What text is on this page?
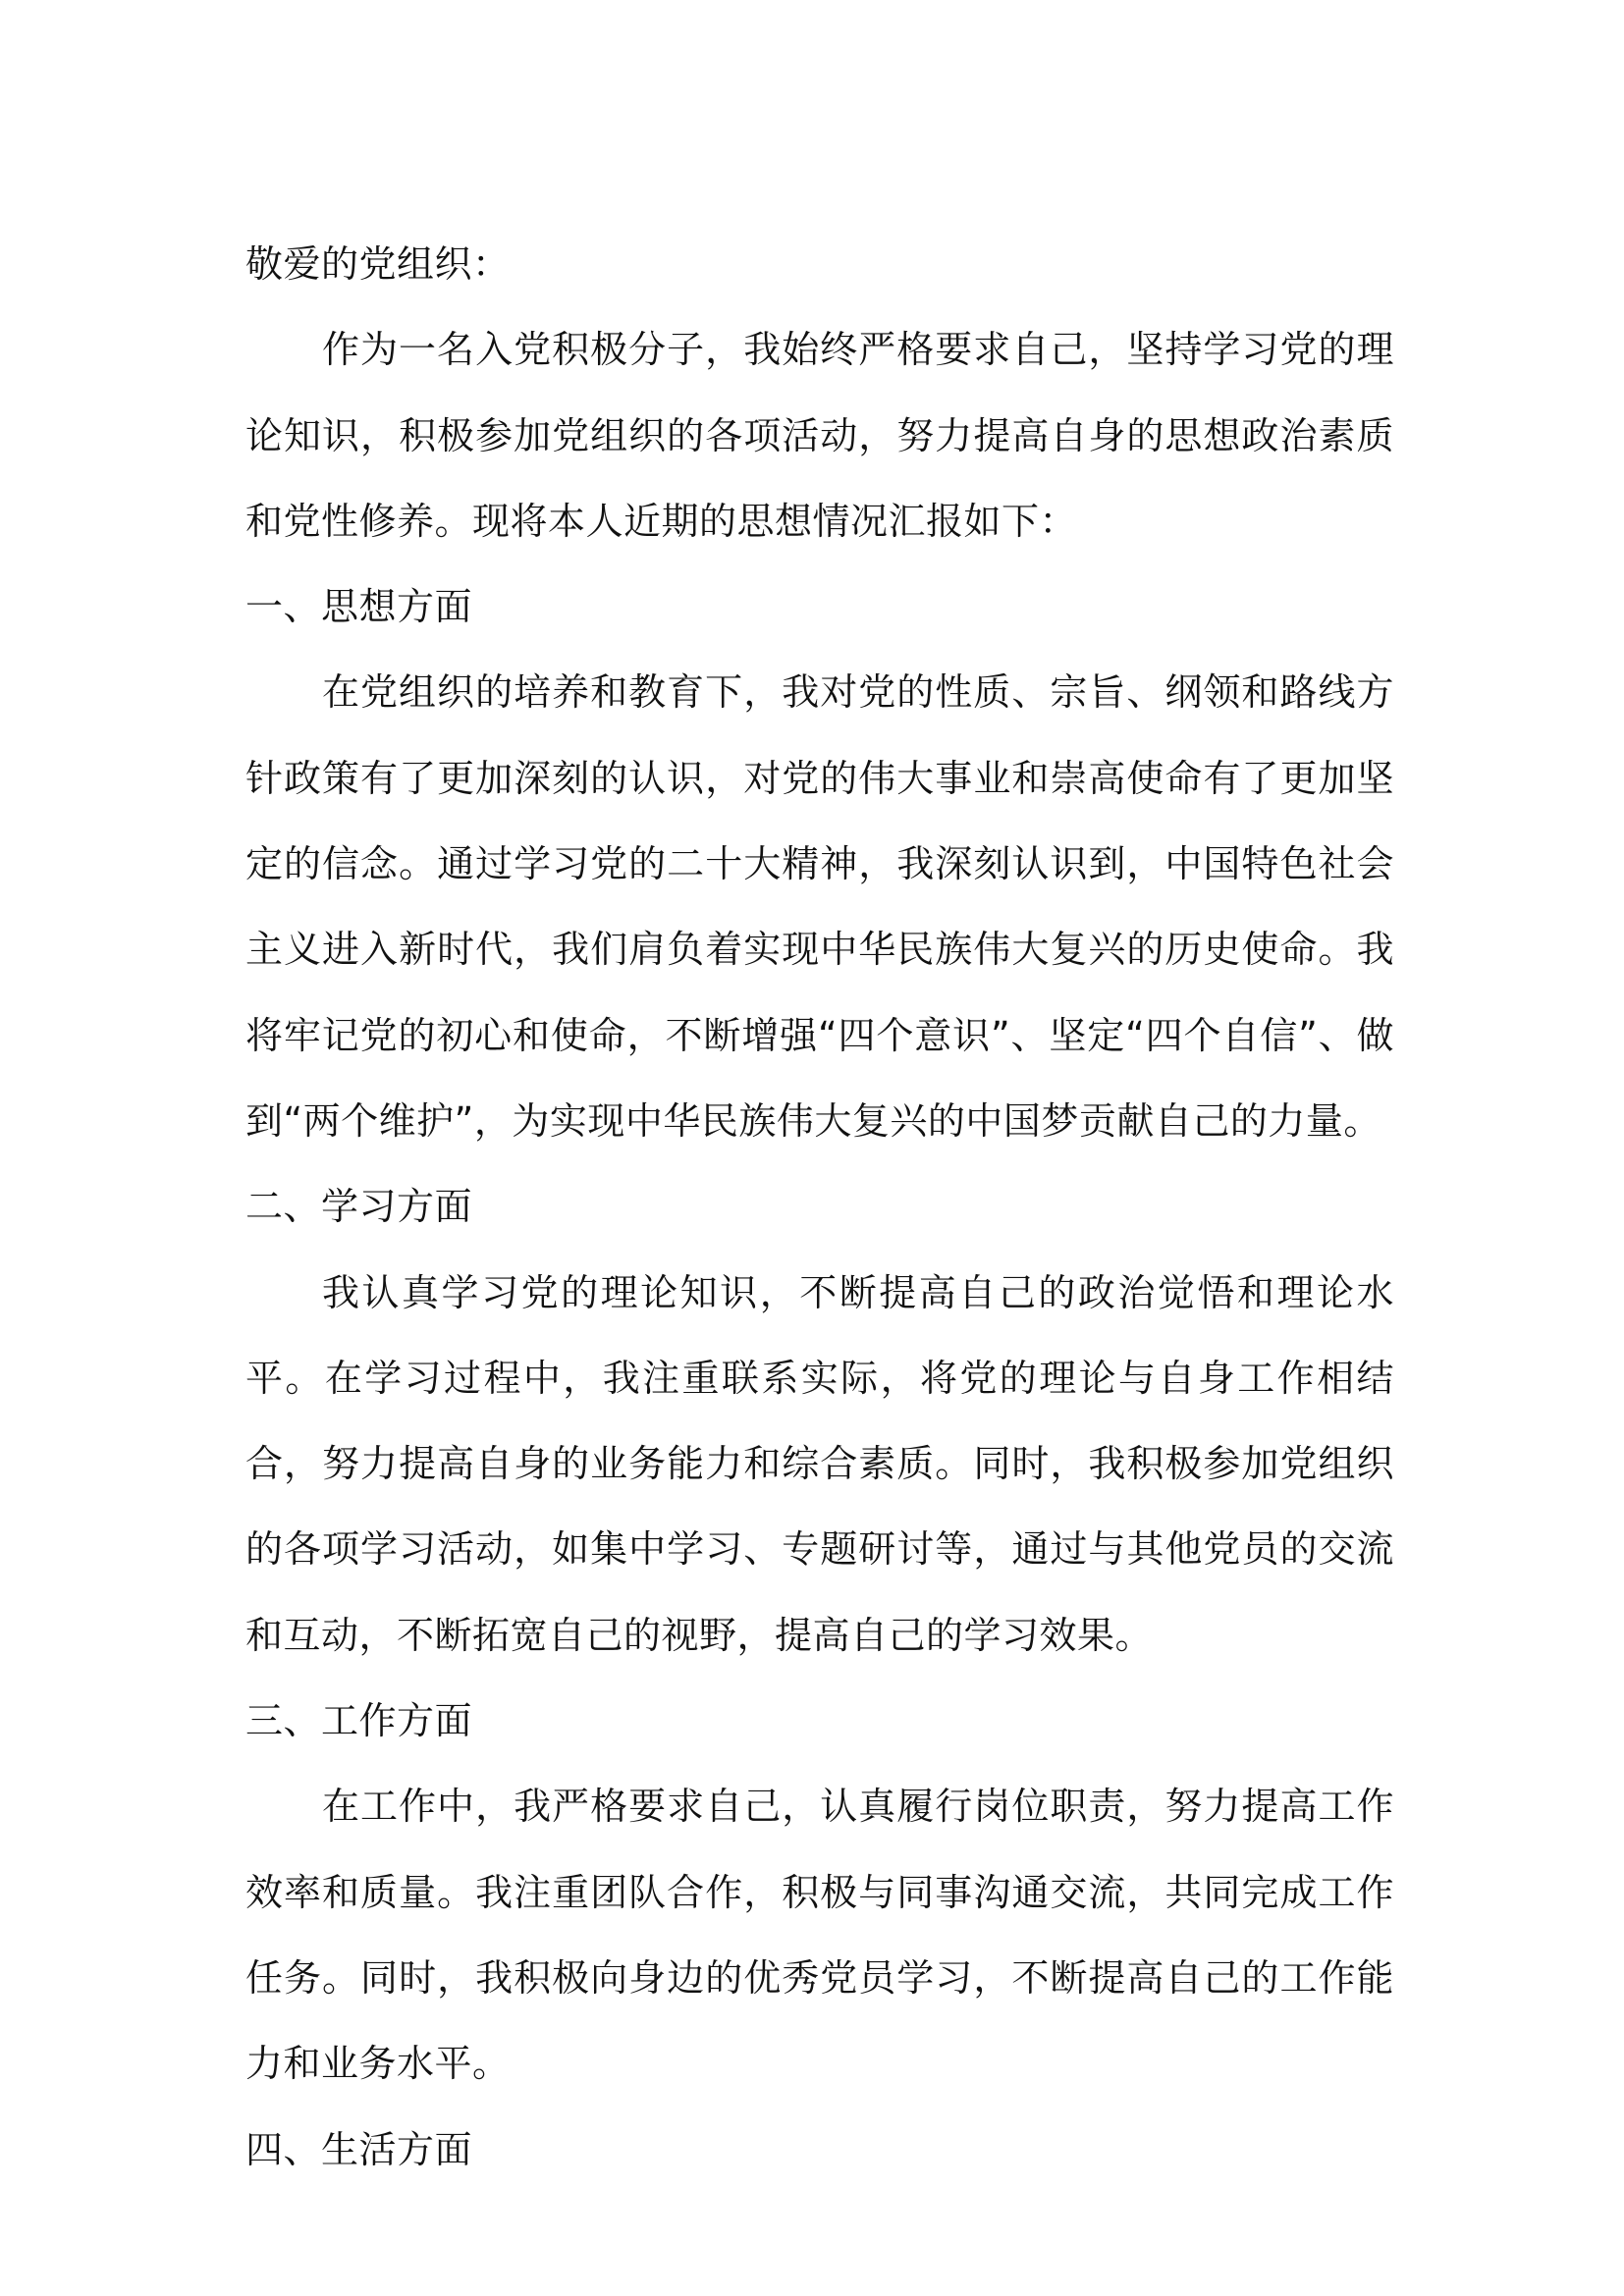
敬爱的党组织：

作为一名入党积极分子，我始终严格要求自己，坚持学习党的理论知识，积极参加党组织的各项活动，努力提高自身的思想政治素质和党性修养。现将本人近期的思想情况汇报如下：

一、思想方面

在党组织的培养和教育下，我对党的性质、宗旨、纲领和路线方针政策有了更加深刻的认识，对党的伟大事业和崇高使命有了更加坚定的信念。通过学习党的二十大精神，我深刻认识到，中国特色社会主义进入新时代，我们肩负着实现中华民族伟大复兴的历史使命。我将牢记党的初心和使命，不断增强“四个意识”、坚定“四个自信”、做到“两个维护”，为实现中华民族伟大复兴的中国梦贡献自己的力量。

二、学习方面

我认真学习党的理论知识，不断提高自己的政治觉悟和理论水平。在学习过程中，我注重联系实际，将党的理论与自身工作相结合，努力提高自身的业务能力和综合素质。同时，我积极参加党组织的各项学习活动，如集中学习、专题研讨等，通过与其他党员的交流和互动，不断拓宽自己的视野，提高自己的学习效果。

三、工作方面

在工作中，我严格要求自己，认真履行岗位职责，努力提高工作效率和质量。我注重团队合作，积极与同事沟通交流，共同完成工作任务。同时，我积极向身边的优秀党员学习，不断提高自己的工作能力和业务水平。

四、生活方面
